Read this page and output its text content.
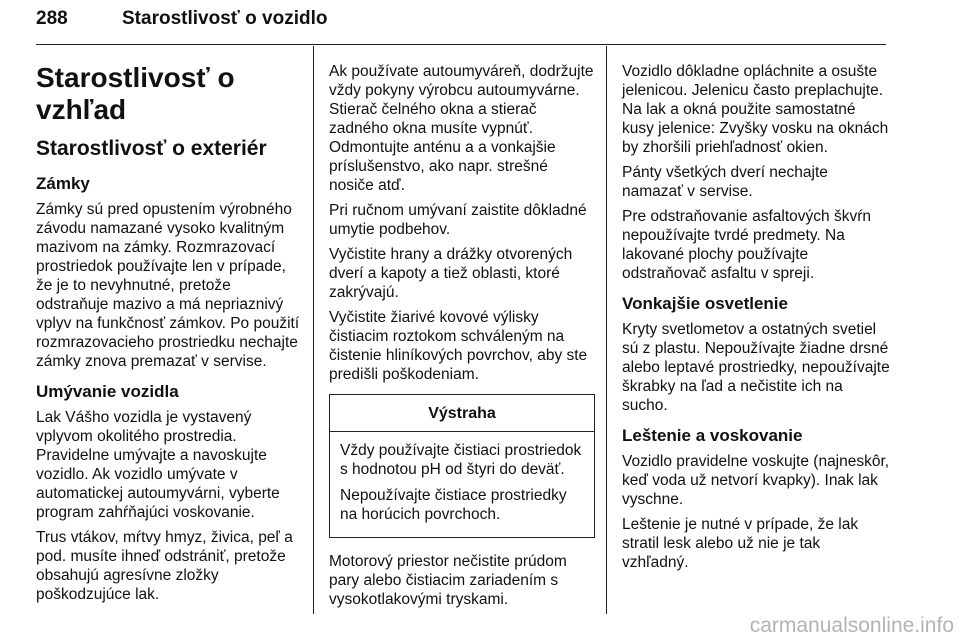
288	Starostlivosť o vozidlo
Starostlivosť o vzhľad
Starostlivosť o exteriér
Zámky

Zámky sú pred opustením výrobného závodu namazané vysoko kvalitným mazivom na zámky. Rozmrazovací prostriedok používajte len v prípade, že je to nevyhnutné, pretože odstraňuje mazivo a má nepriaznivý vplyv na funkčnosť zámkov. Po použití rozmrazovacieho prostriedku nechajte zámky znova premazať v servise.

Umývanie vozidla

Lak Vášho vozidla je vystavený vplyvom okolitého prostredia. Pravidelne umývajte a navoskujte vozidlo. Ak vozidlo umývate v automatickej autoumyvárni, vyberte program zahŕňajúci voskovanie.

Trus vtákov, mŕtvy hmyz, živica, peľ a pod. musíte ihneď odstrániť, pretože obsahujú agresívne zložky poškodzujúce lak.

Ak používate autoumyváreň, dodržujte vždy pokyny výrobcu autoumyvárne. Stierač čelného okna a stierač zadného okna musíte vypnúť. Odmontujte anténu a a vonkajšie príslušenstvo, ako napr. strešné nosiče atď.

Pri ručnom umývaní zaistite dôkladné umytie podbehov.

Vyčistite hrany a drážky otvorených dverí a kapoty a tiež oblasti, ktoré zakrývajú.

Vyčistite žiarivé kovové výlisky čistiacim roztokom schváleným na čistenie hliníkových povrchov, aby ste predišli poškodeniam.

Výstraha

Vždy používajte čistiaci prostriedok s hodnotou pH od štyri do deväť.

Nepoužívajte čistiace prostriedky na horúcich povrchoch.

Motorový priestor nečistite prúdom pary alebo čistiacim zariadením s vysokotlakovými tryskami.

Vozidlo dôkladne opláchnite a osušte jelenicou. Jelenicu často preplachujte. Na lak a okná použite samostatné kusy jelenice: Zvyšky vosku na oknách by zhoršili priehľadnosť okien.

Pánty všetkých dverí nechajte namazať v servise.

Pre odstraňovanie asfaltových škvŕn nepoužívajte tvrdé predmety. Na lakované plochy používajte odstraňovač asfaltu v spreji.

Vonkajšie osvetlenie

Kryty svetlometov a ostatných svetiel sú z plastu. Nepoužívajte žiadne drsné alebo leptavé prostriedky, nepoužívajte škrabky na ľad a nečistite ich na sucho.

Leštenie a voskovanie

Vozidlo pravidelne voskujte (najneskôr, keď voda už netvorí kvapky). Inak lak vyschne.

Leštenie je nutné v prípade, že lak stratil lesk alebo už nie je tak vzhľadný.

carmanualsonline.info
